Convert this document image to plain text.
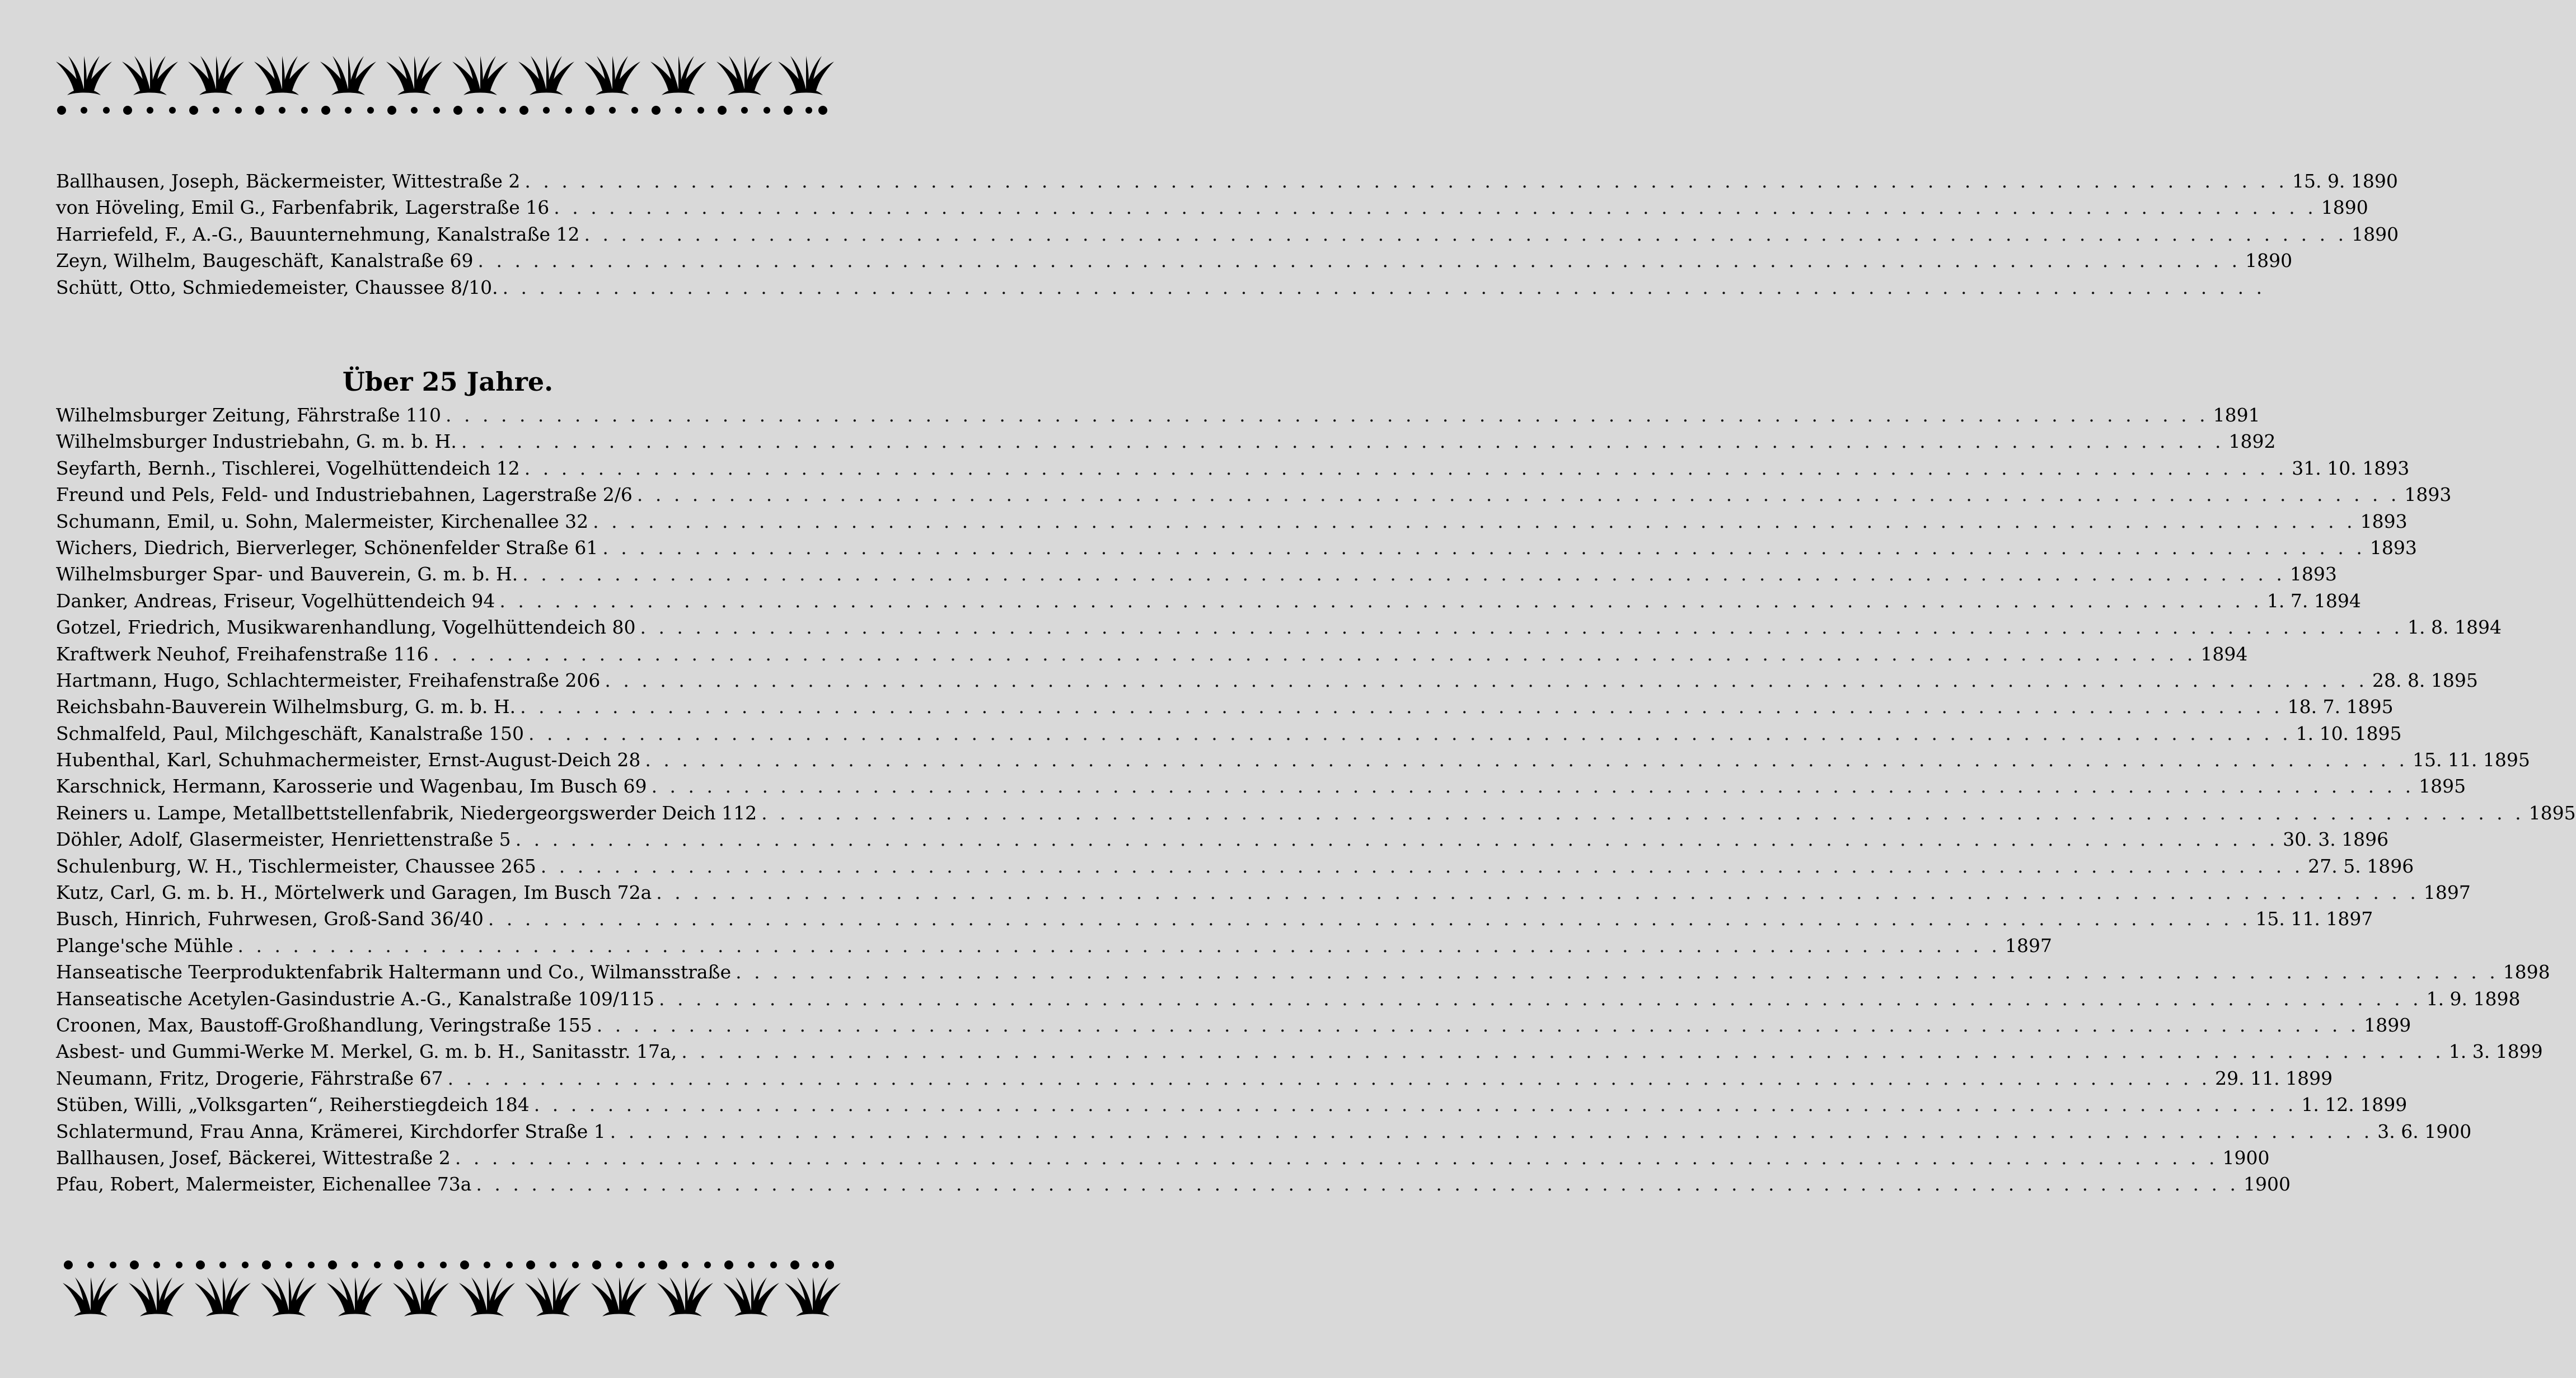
Ballhausen, Joseph, Bäckermeister, Wittestraße 2 . . .	15. 9. 1890
von Höveling, Emil G., Farbenfabrik, Lagerstraße 16 . . .	1890
Harriefeld, F., A.-G., Bauunternehmung, Kanalstraße 12 . . .	1890
Zeyn, Wilhelm, Baugeschäft, Kanalstraße 69 . . .	1890
Schütt, Otto, Schmiedemeister, Chaussee 8/10.
. . .
Über 25 Jahre.
Wilhelmsburger Zeitung, Fährstraße 110 . . .	1891
Wilhelmsburger Industriebahn, G. m. b. H. . . .	1892
Seyfarth, Bernh., Tischlerei, Vogelhüttendeich 12 . . .	31. 10. 1893
Freund und Pels, Feld- und Industriebahnen, Lagerstraße 2/6 . . .	1893
Schumann, Emil, u. Sohn, Malermeister, Kirchenallee 32 . . .	1893
Wichers, Diedrich, Bierverleger, Schönenfelder Straße 61 . . .	1893
Wilhelmsburger Spar- und Bauverein, G. m. b. H. . . .	1893
Danker, Andreas, Friseur, Vogelhüttendeich 94 . . .	1. 7. 1894
Gotzel, Friedrich, Musikwarenhandlung, Vogelhüttendeich 80 . . .	1. 8. 1894
Kraftwerk Neuhof, Freihafenstraße 116 . . .	1894
Hartmann, Hugo, Schlachtermeister, Freihafenstraße 206 . . .	28. 8. 1895
Reichsbahn-Bauverein Wilhelmsburg, G. m. b. H. . . .	18. 7. 1895
Schmalfeld, Paul, Milchgeschäft, Kanalstraße 150 . . .	1. 10. 1895
Hubenthal, Karl, Schuhmachermeister, Ernst-August-Deich 28 . . .	15. 11. 1895
Karschnick, Hermann, Karosserie und Wagenbau, Im Busch 69 . . .	1895
Reiners u. Lampe, Metallbettstellenfabrik, Niedergeorgswerder Deich 112 . . .	1895
Döhler, Adolf, Glasermeister, Henriettenstraße 5 . . .	30. 3. 1896
Schulenburg, W. H., Tischlermeister, Chaussee 265 . . .	27. 5. 1896
Kutz, Carl, G. m. b. H., Mörtelwerk und Garagen, Im Busch 72a . . .	1897
Busch, Hinrich, Fuhrwesen, Groß-Sand 36/40 . . .	15. 11. 1897
Plange'sche Mühle . . .	1897
Hanseatische Teerproduktenfabrik Haltermann und Co., Wilmansstraße . . .	1898
Hanseatische Acetylen-Gasindustrie A.-G., Kanalstraße 109/115 . . .	1. 9. 1898
Croonen, Max, Baustoff-Großhandlung, Veringstraße 155 . . .	1899
Asbest- und Gummi-Werke M. Merkel, G. m. b. H., Sanitasstr. 17a, . . .	1. 3. 1899
Neumann, Fritz, Drogerie, Fährstraße 67 . . .	29. 11. 1899
Stüben, Willi, „Volksgarten“, Reiherstiegdeich 184 . . .	1. 12. 1899
Schlatermund, Frau Anna, Krämerei, Kirchdorfer Straße 1 . . .	3. 6. 1900
Ballhausen, Josef, Bäckerei, Wittestraße 2 . . .	1900
Pfau, Robert, Malermeister, Eichenallee 73a . . .	1900
